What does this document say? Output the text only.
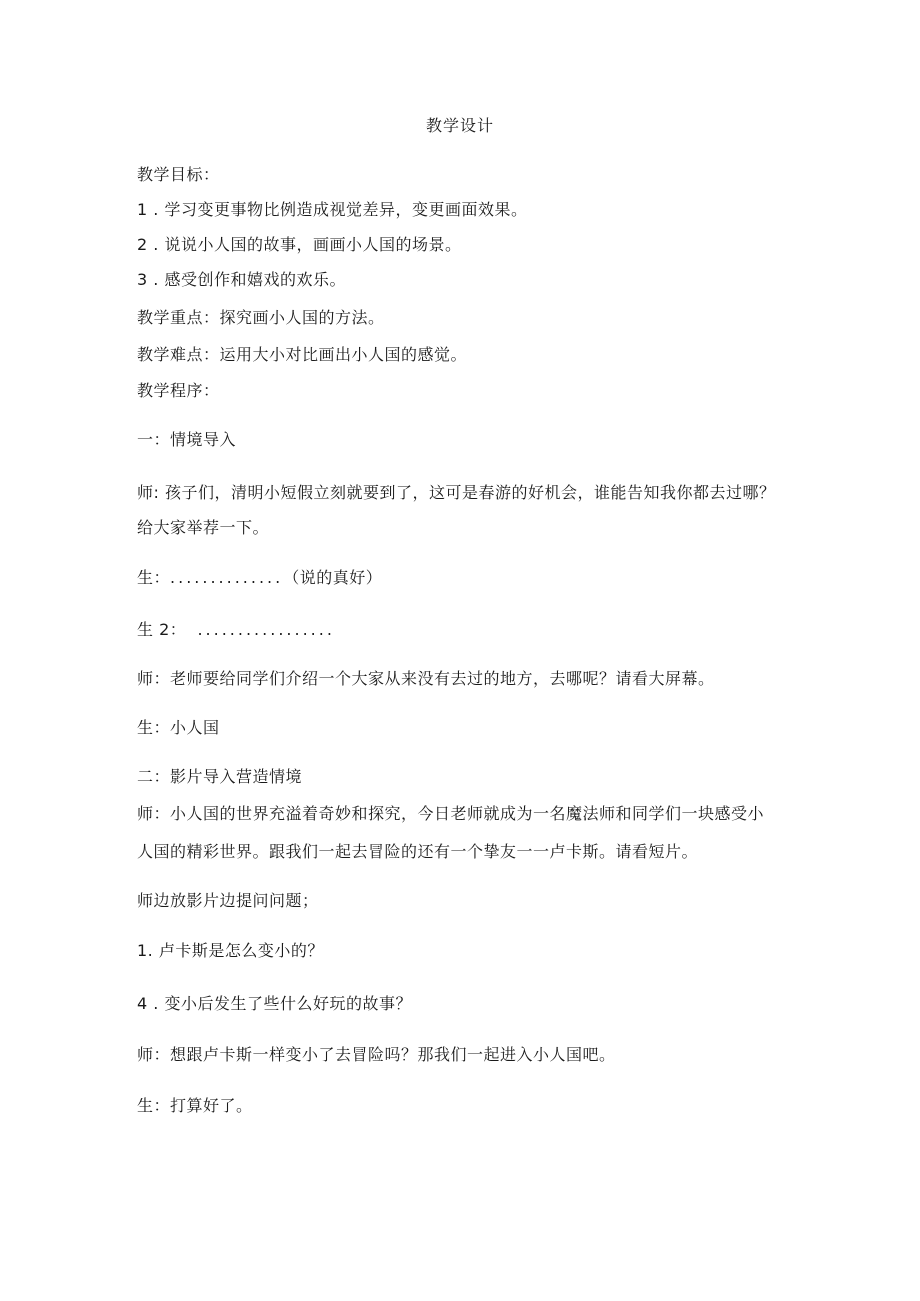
教学设计
教学目标：
1 . 学习变更事物比例造成视觉差异，变更画面效果。
2 . 说说小人国的故事，画画小人国的场景。
3 . 感受创作和嬉戏的欢乐。
教学重点：探究画小人国的方法。
教学难点：运用大小对比画出小人国的感觉。
教学程序：
一：情境导入
师: 孩子们，清明小短假立刻就要到了，这可是春游的好机会，谁能告知我你都去过哪？
给大家举荐一下。
生：..............（说的真好）
生 2： .................
师：老师要给同学们介绍一个大家从来没有去过的地方，去哪呢？请看大屏幕。
生：小人国
二：影片导入营造情境
师：小人国的世界充溢着奇妙和探究，今日老师就成为一名魔法师和同学们一块感受小
人国的精彩世界。跟我们一起去冒险的还有一个挚友一一卢卡斯。请看短片。
师边放影片边提问问题；
1. 卢卡斯是怎么变小的？
4 . 变小后发生了些什么好玩的故事？
师：想跟卢卡斯一样变小了去冒险吗？那我们一起进入小人国吧。
生：打算好了。
